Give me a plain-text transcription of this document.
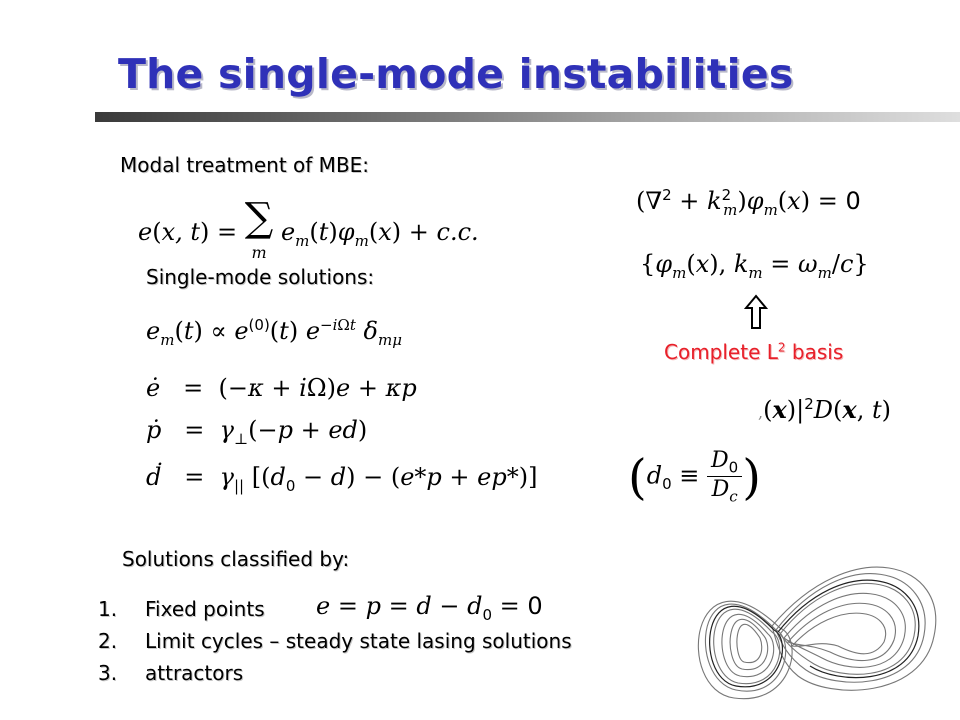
The single-mode instabilities
Modal treatment of MBE:
e(x, t) = ∑
m $e_m(t)\varphi_m(x) + c.c$.
Single-mode solutions:
$e_m(t) \propto e^{(0)}(t)$ $e^{-i\Omega t}$ $\delta_{m\mu}$
ė   =  (−κ + iΩ)e + κp
ṗ   =  $\gamma_\perp(-p + ed)$
ḋ   =  $\gamma_{||}$ $[(d_0 - d) - (e*p + ep*)]$
$(\nabla^2 + k^2_m)\varphi_m(x) = 0$
{$\varphi_m(x)$, $k_m = \omega_m/c$}
Complete $L^2$ basis
$,(x)|^2D(x$, t)
($d_0 \equiv \frac{D_0}{D_c}$ )
Solutions classified by:
1. Fixed points
2. Limit cycles – steady state lasing solutions
3. attractors
$e = p = d - d_0 = 0$
